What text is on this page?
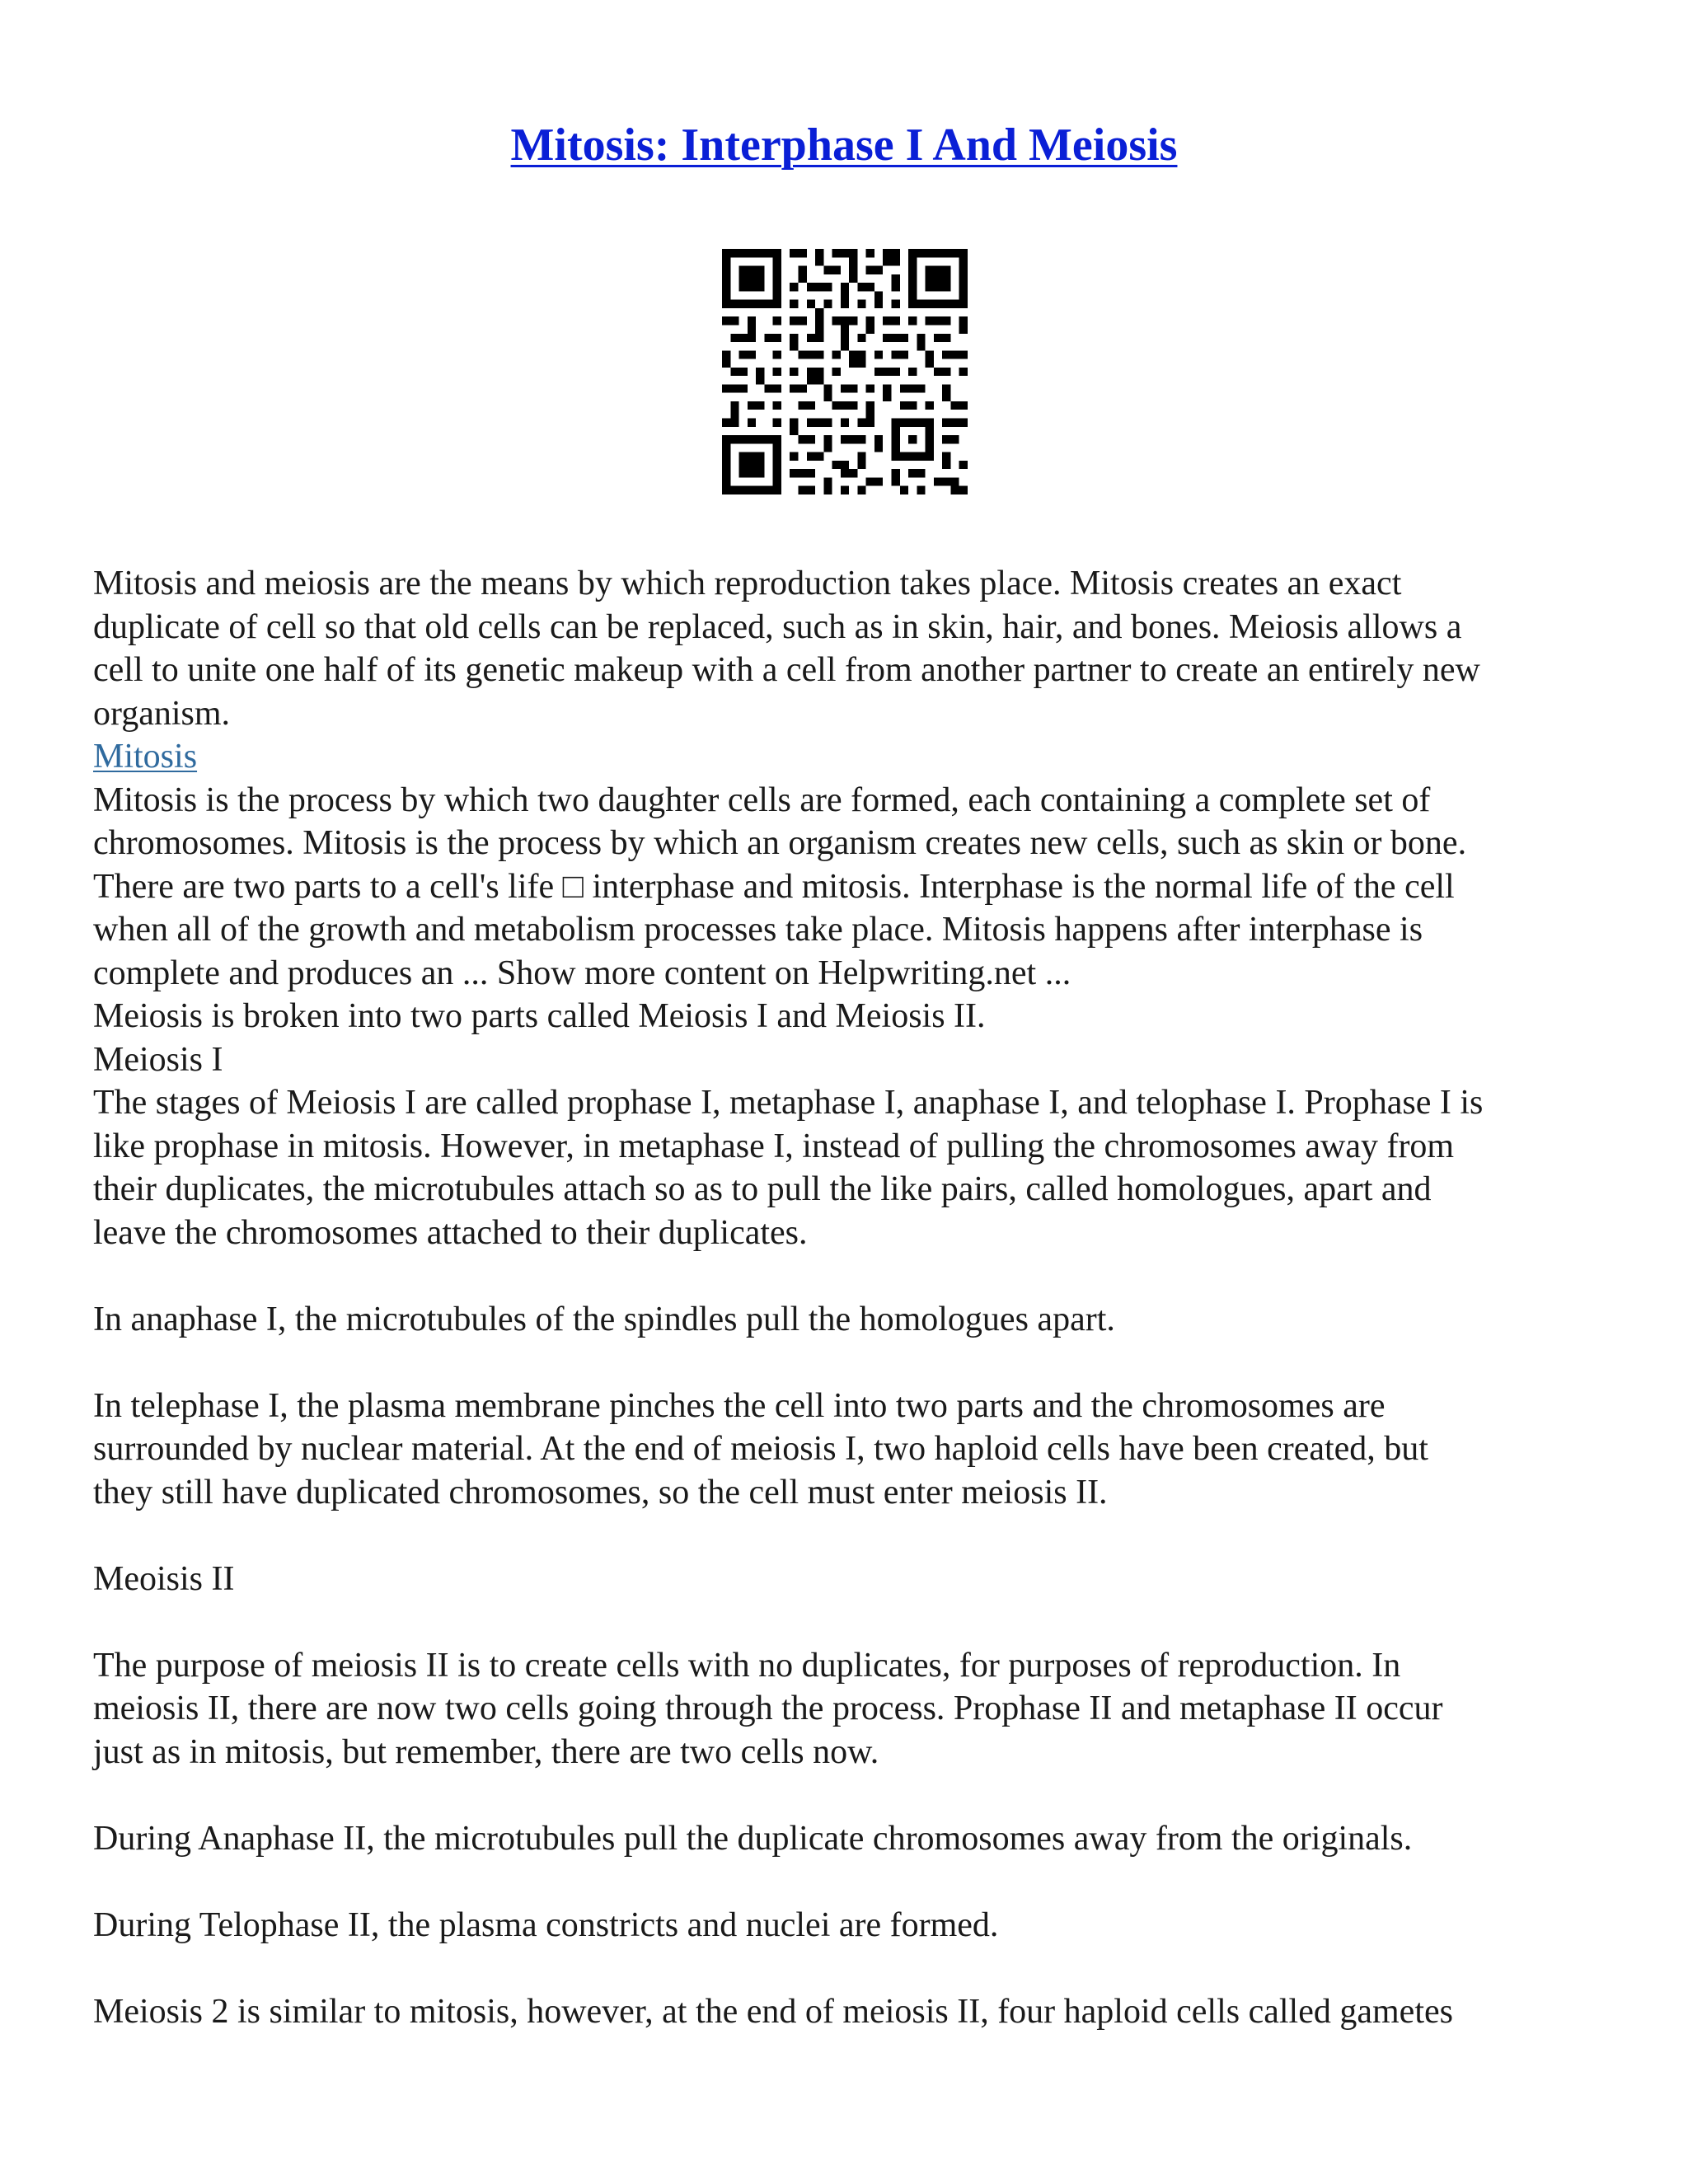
Mitosis: Interphase I And Meiosis
Mitosis and meiosis are the means by which reproduction takes place. Mitosis creates an exact
duplicate of cell so that old cells can be replaced, such as in skin, hair, and bones. Meiosis allows a
cell to unite one half of its genetic makeup with a cell from another partner to create an entirely new
organism.
Mitosis
Mitosis is the process by which two daughter cells are formed, each containing a complete set of
chromosomes. Mitosis is the process by which an organism creates new cells, such as skin or bone.
There are two parts to a cell's life □ interphase and mitosis. Interphase is the normal life of the cell
when all of the growth and metabolism processes take place. Mitosis happens after interphase is
complete and produces an ... Show more content on Helpwriting.net ...
Meiosis is broken into two parts called Meiosis I and Meiosis II.
Meiosis I
The stages of Meiosis I are called prophase I, metaphase I, anaphase I, and telophase I. Prophase I is
like prophase in mitosis. However, in metaphase I, instead of pulling the chromosomes away from
their duplicates, the microtubules attach so as to pull the like pairs, called homologues, apart and
leave the chromosomes attached to their duplicates.
In anaphase I, the microtubules of the spindles pull the homologues apart.
In telephase I, the plasma membrane pinches the cell into two parts and the chromosomes are
surrounded by nuclear material. At the end of meiosis I, two haploid cells have been created, but
they still have duplicated chromosomes, so the cell must enter meiosis II.
Meoisis II
The purpose of meiosis II is to create cells with no duplicates, for purposes of reproduction. In
meiosis II, there are now two cells going through the process. Prophase II and metaphase II occur
just as in mitosis, but remember, there are two cells now.
During Anaphase II, the microtubules pull the duplicate chromosomes away from the originals.
During Telophase II, the plasma constricts and nuclei are formed.
Meiosis 2 is similar to mitosis, however, at the end of meiosis II, four haploid cells called gametes
